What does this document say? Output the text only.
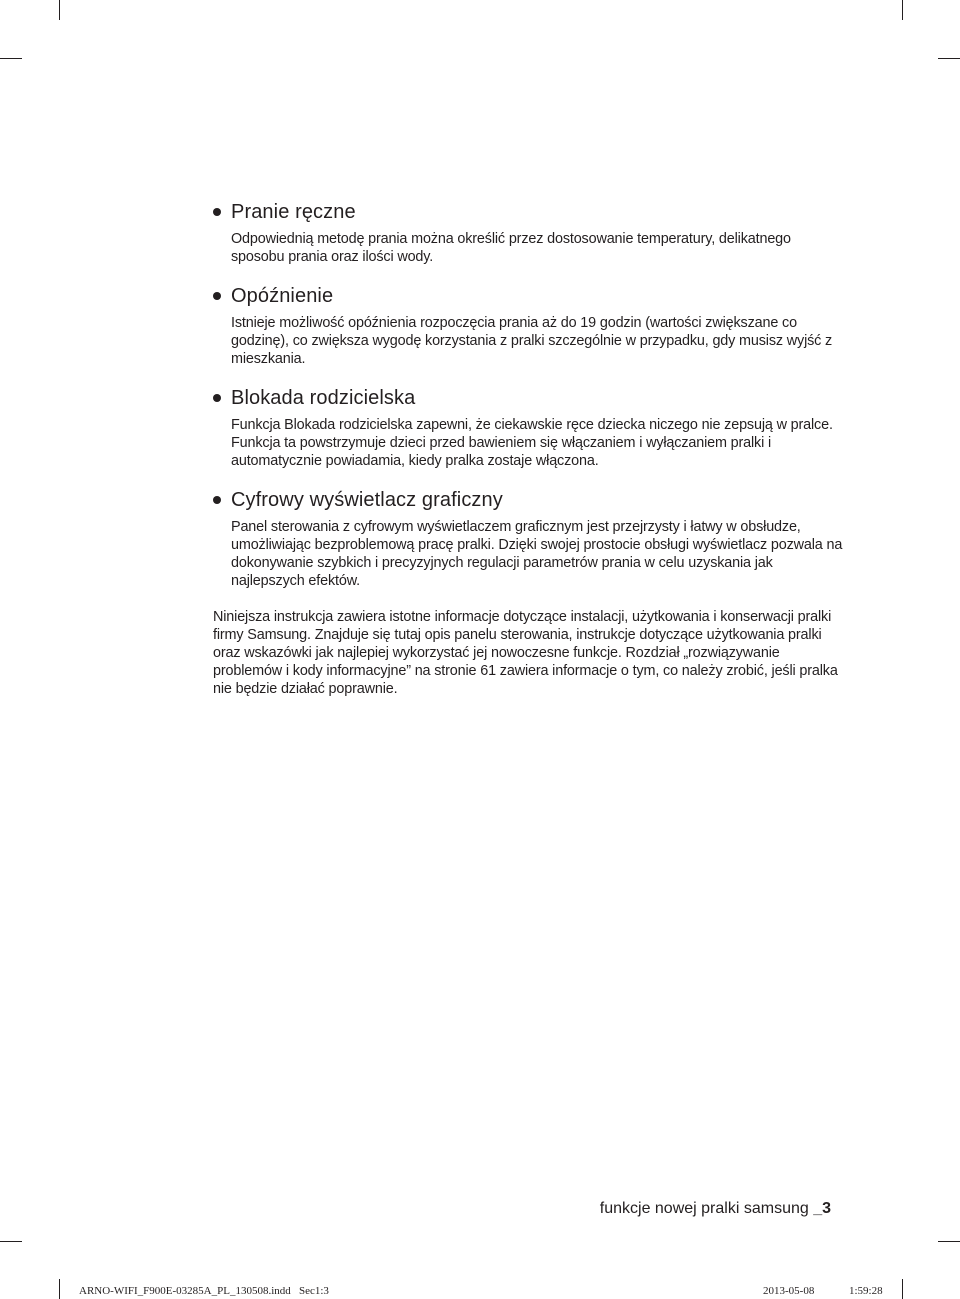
Pranie ręczne

Odpowiednią metodę prania można określić przez dostosowanie temperatury, delikatnego sposobu prania oraz ilości wody.

Opóźnienie

Istnieje możliwość opóźnienia rozpoczęcia prania aż do 19 godzin (wartości zwiększane co godzinę), co zwiększa wygodę korzystania z pralki szczególnie w przypadku, gdy musisz wyjść z mieszkania.

Blokada rodzicielska

Funkcja Blokada rodzicielska zapewni, że ciekawskie ręce dziecka niczego nie zepsują w pralce. Funkcja ta powstrzymuje dzieci przed bawieniem się włączaniem i wyłączaniem pralki i automatycznie powiadamia, kiedy pralka zostaje włączona.

Cyfrowy wyświetlacz graficzny

Panel sterowania z cyfrowym wyświetlaczem graficznym jest przejrzysty i łatwy w obsłudze, umożliwiając bezproblemową pracę pralki. Dzięki swojej prostocie obsługi wyświetlacz pozwala na dokonywanie szybkich i precyzyjnych regulacji parametrów prania w celu uzyskania jak najlepszych efektów.

Niniejsza instrukcja zawiera istotne informacje dotyczące instalacji, użytkowania i konserwacji pralki firmy Samsung. Znajduje się tutaj opis panelu sterowania, instrukcje dotyczące użytkowania pralki oraz wskazówki jak najlepiej wykorzystać jej nowoczesne funkcje. Rozdział „rozwiązywanie problemów i kody informacyjne” na stronie 61 zawiera informacje o tym, co należy zrobić, jeśli pralka nie będzie działać poprawnie.

funkcje nowej pralki samsung _3
ARNO-WIFI_F900E-03285A_PL_130508.indd   Sec1:3	2013-05-08	1:59:28
